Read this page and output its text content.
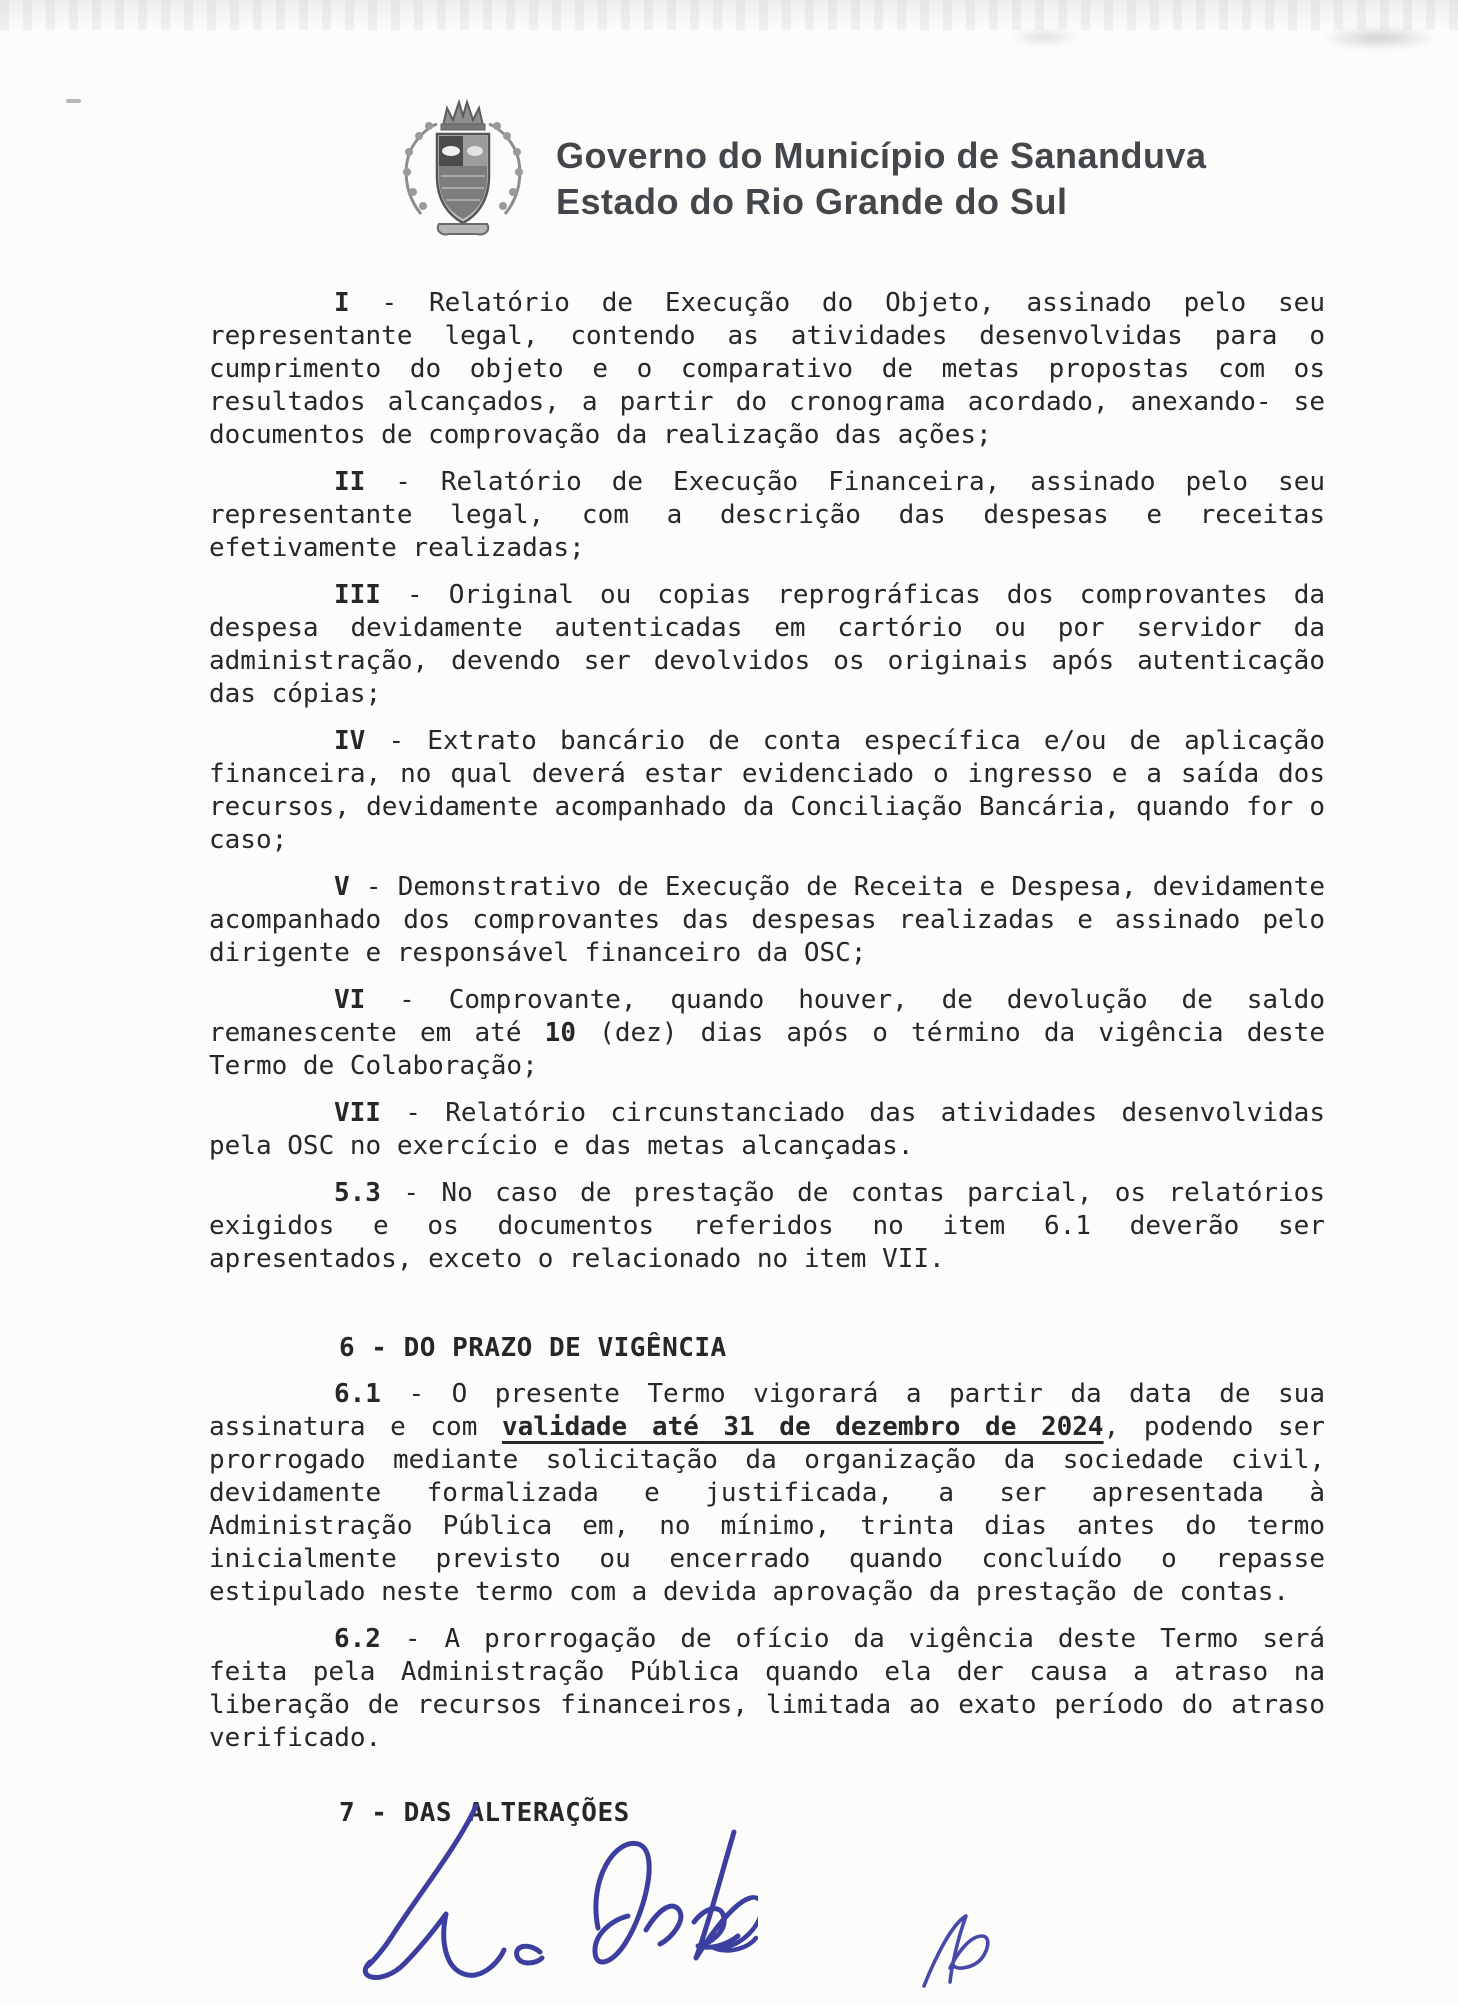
Governo do Município de Sananduva
Estado do Rio Grande do Sul

I - Relatório de Execução do Objeto, assinado pelo seu representante legal, contendo as atividades desenvolvidas para o cumprimento do objeto e o comparativo de metas propostas com os resultados alcançados, a partir do cronograma acordado, anexando- se documentos de comprovação da realização das ações;

II - Relatório de Execução Financeira, assinado pelo seu representante legal, com a descrição das despesas e receitas efetivamente realizadas;

III - Original ou copias reprográficas dos comprovantes da despesa devidamente autenticadas em cartório ou por servidor da administração, devendo ser devolvidos os originais após autenticação das cópias;

IV - Extrato bancário de conta específica e/ou de aplicação financeira, no qual deverá estar evidenciado o ingresso e a saída dos recursos, devidamente acompanhado da Conciliação Bancária, quando for o caso;

V - Demonstrativo de Execução de Receita e Despesa, devidamente acompanhado dos comprovantes das despesas realizadas e assinado pelo dirigente e responsável financeiro da OSC;

VI - Comprovante, quando houver, de devolução de saldo remanescente em até 10 (dez) dias após o término da vigência deste Termo de Colaboração;

VII - Relatório circunstanciado das atividades desenvolvidas pela OSC no exercício e das metas alcançadas.

5.3 - No caso de prestação de contas parcial, os relatórios exigidos e os documentos referidos no item 6.1 deverão ser apresentados, exceto o relacionado no item VII.

6 - DO PRAZO DE VIGÊNCIA

6.1 - O presente Termo vigorará a partir da data de sua assinatura e com validade até 31 de dezembro de 2024, podendo ser prorrogado mediante solicitação da organização da sociedade civil, devidamente formalizada e justificada, a ser apresentada à Administração Pública em, no mínimo, trinta dias antes do termo inicialmente previsto ou encerrado quando concluído o repasse estipulado neste termo com a devida aprovação da prestação de contas.

6.2 - A prorrogação de ofício da vigência deste Termo será feita pela Administração Pública quando ela der causa a atraso na liberação de recursos financeiros, limitada ao exato período do atraso verificado.

7 - DAS ALTERAÇÕES
